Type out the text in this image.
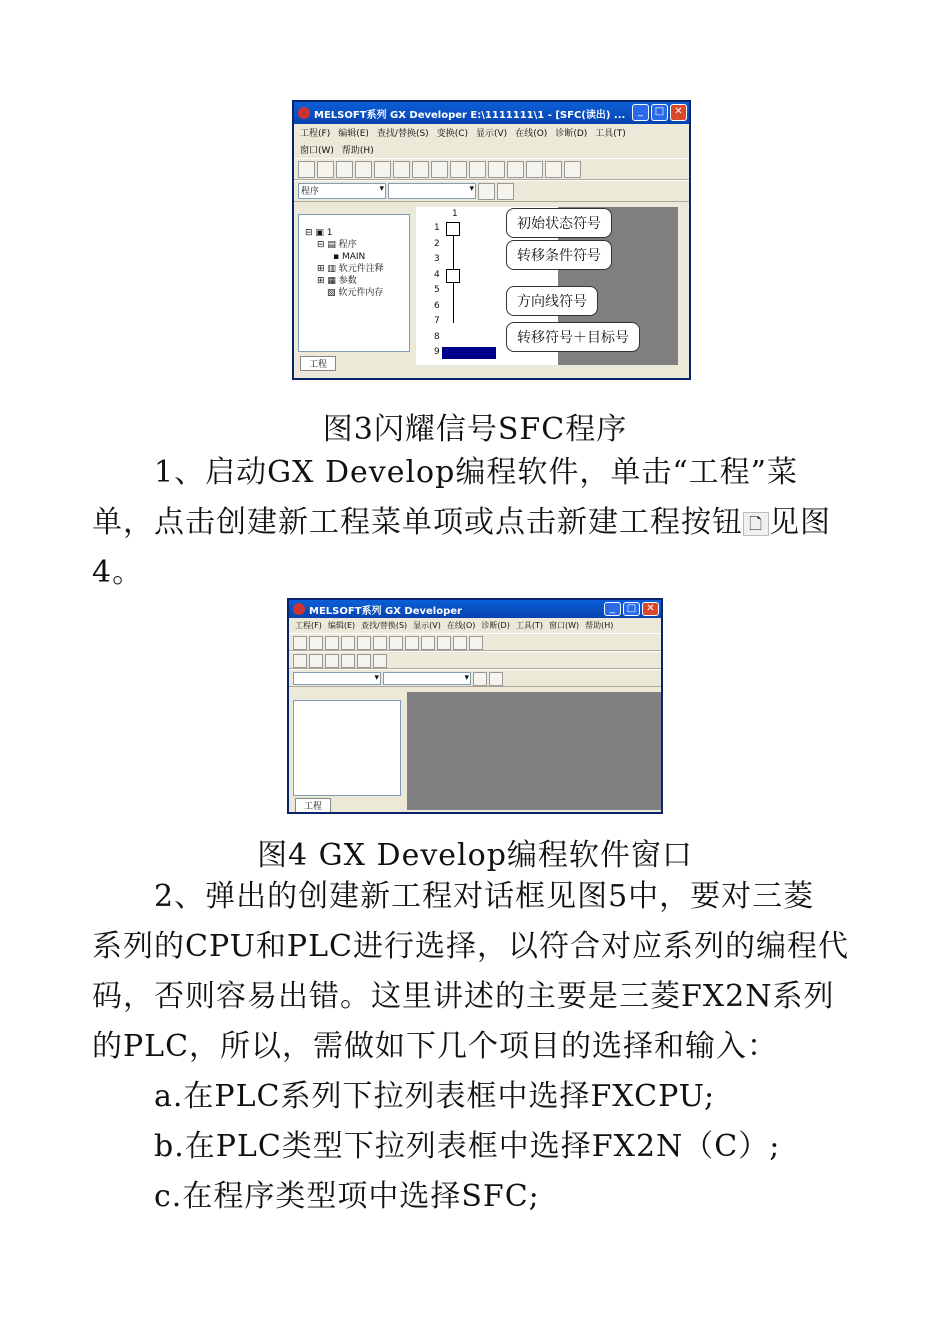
MELSOFT系列 GX Developer E:\1111111\1 - [SFC(读出) ...	_	□	✕
工程(F) 编辑(E) 查找/替换(S) 变换(C) 显示(V) 在线(O) 诊断(D) 工具(T)
窗口(W) 帮助(H)
程序 ▾
▾
⊟ ▣ 1
⊟ ▤ 程序
▪ MAIN
⊞ ▥ 软元件注释
⊞ ▦ 参数
▧ 软元件内存
工程
1
1
2
3
4
5
6
7
8
9
初始状态符号
转移条件符号
方向线符号
转移符号＋目标号
图3闪耀信号SFC程序
1、启动GX Develop编程软件，单击“工程”菜
单，点击创建新工程菜单项或点击新建工程按钮 🗋 见图
4。
MELSOFT系列 GX Developer	_	□	✕
工程(F) 编辑(E) 查找/替换(S) 显示(V) 在线(O) 诊断(D) 工具(T) 窗口(W) 帮助(H)
▾
▾
工程
图4 GX Develop编程软件窗口
2、弹出的创建新工程对话框见图5中，要对三菱
系列的CPU和PLC进行选择，以符合对应系列的编程代
码，否则容易出错。这里讲述的主要是三菱FX2N系列
的PLC，所以，需做如下几个项目的选择和输入：
a.在PLC系列下拉列表框中选择FXCPU;
b.在PLC类型下拉列表框中选择FX2N（C）;
c.在程序类型项中选择SFC;
